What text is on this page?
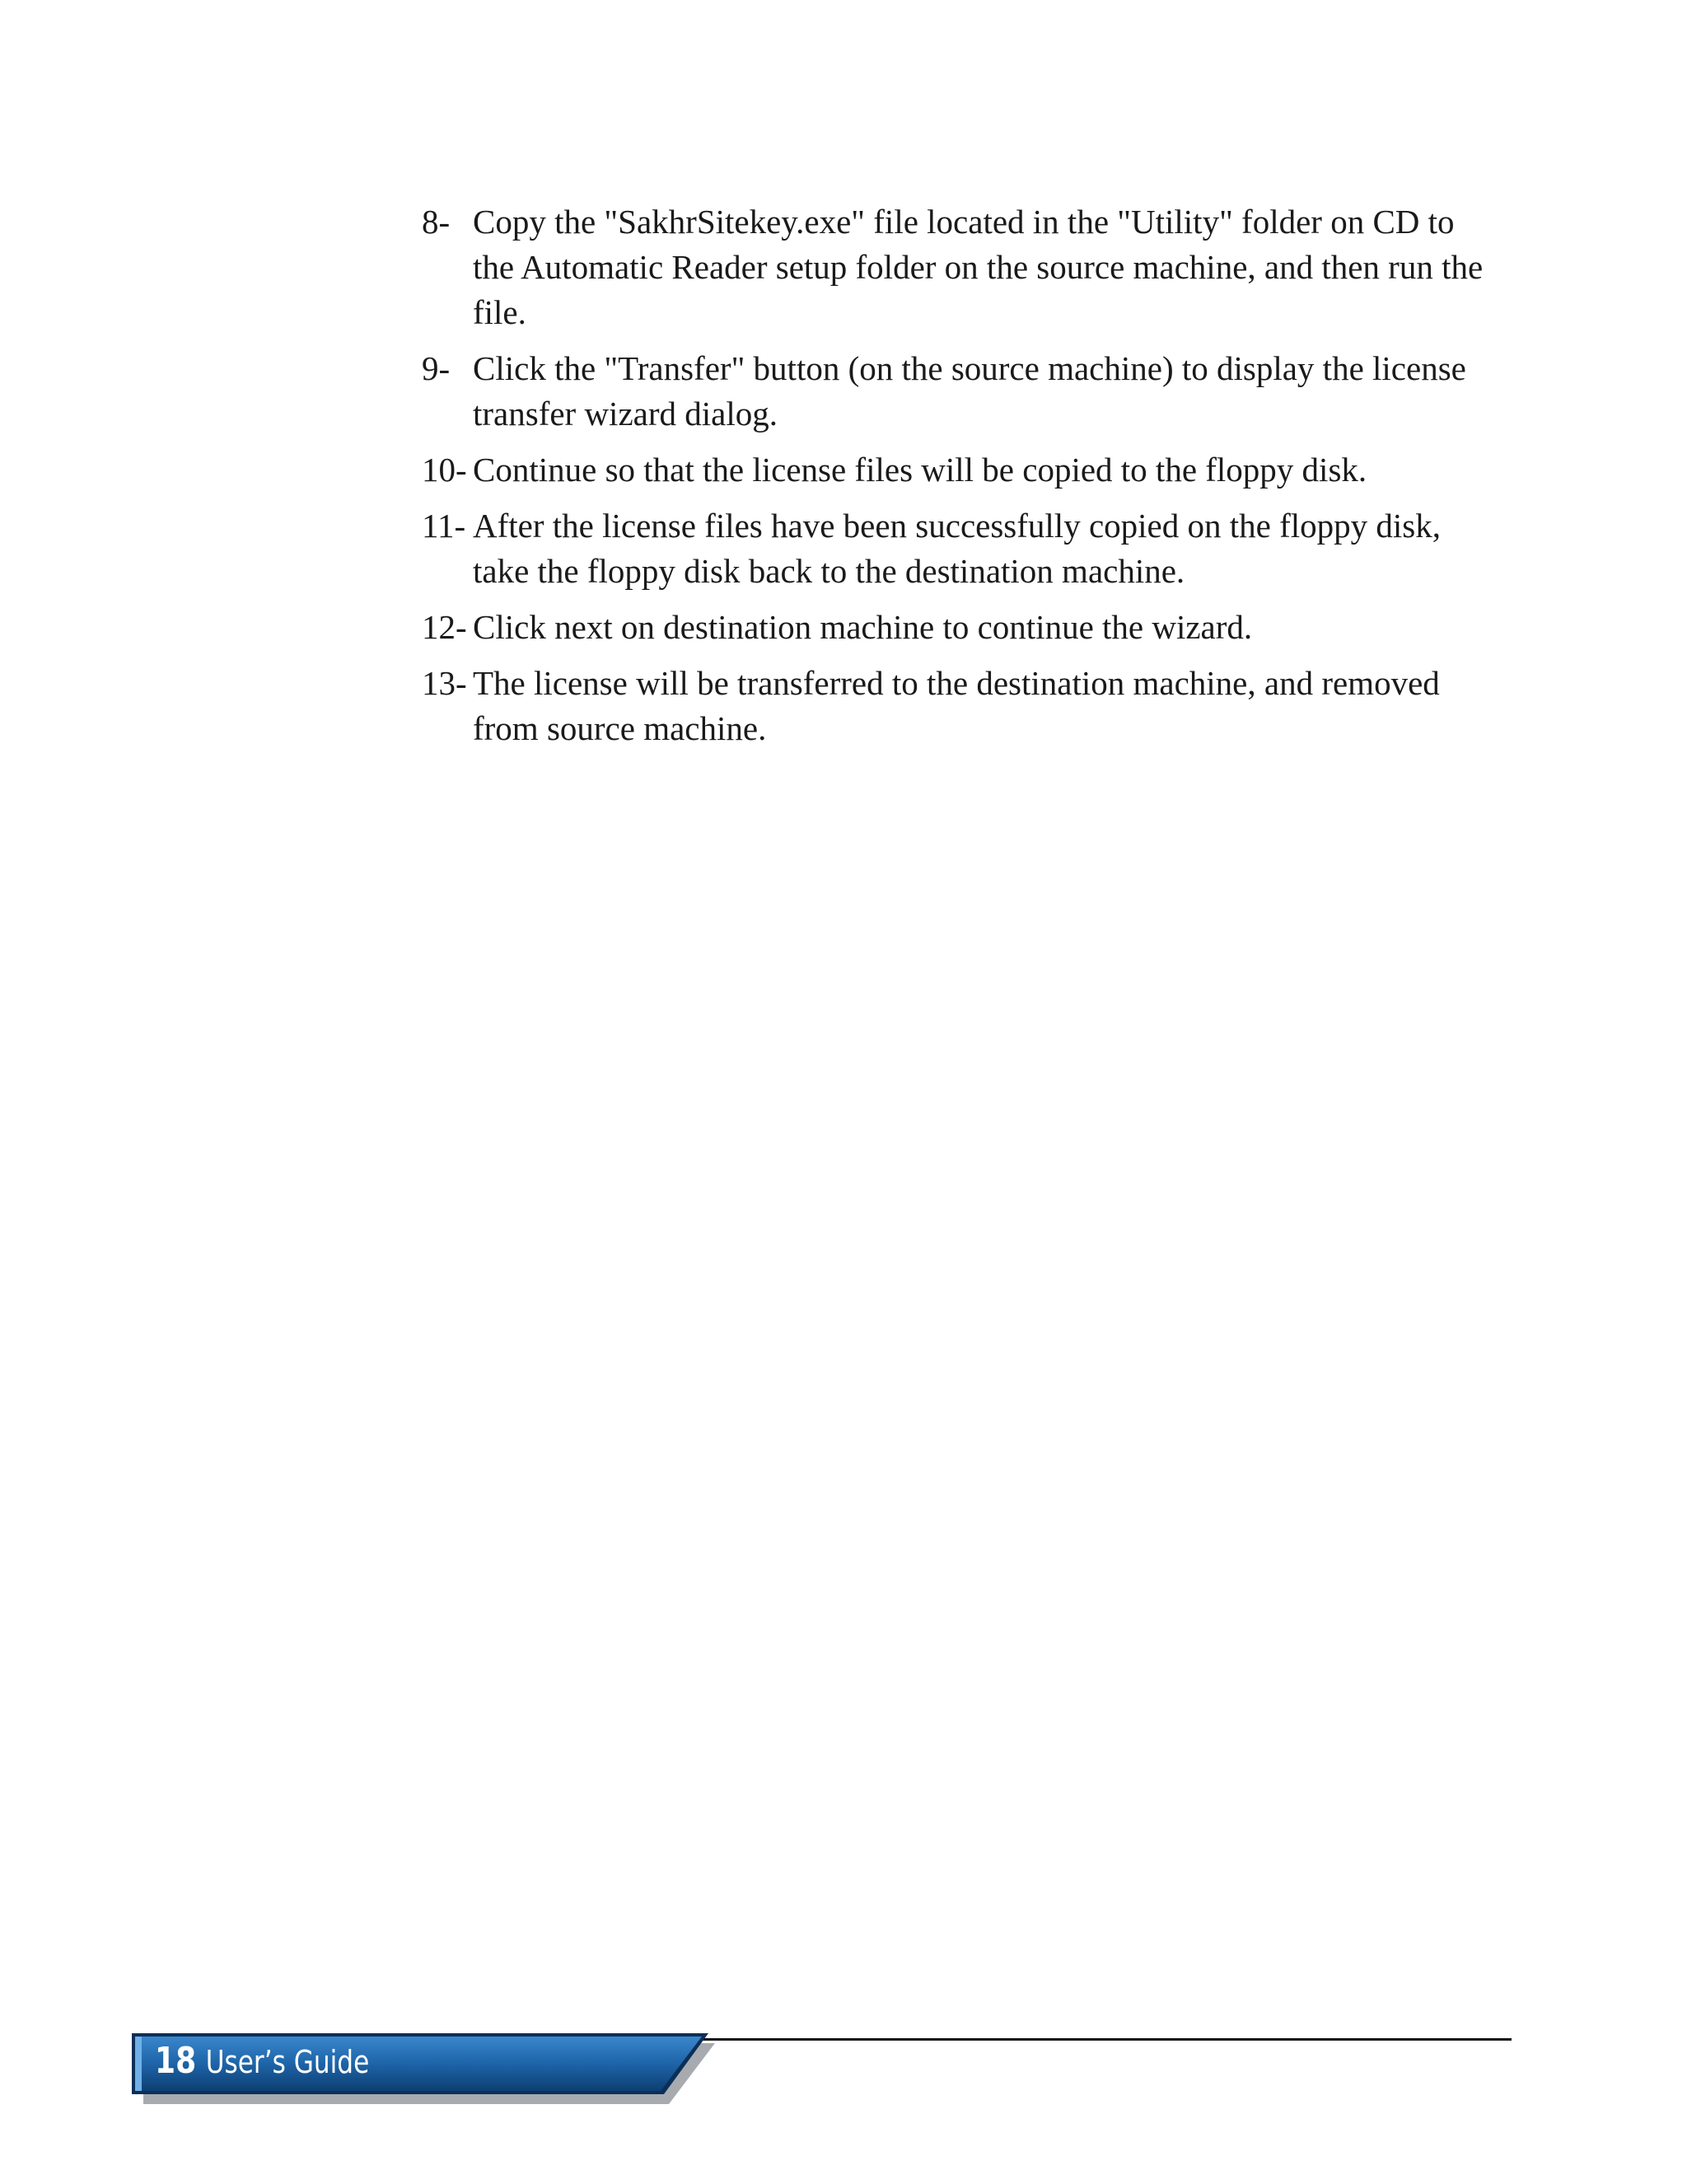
8- Copy the "SakhrSitekey.exe" file located in the "Utility" folder on CD to the Automatic Reader setup folder on the source machine, and then run the file.
9- Click the "Transfer" button (on the source machine) to display the license transfer wizard dialog.
10- Continue so that the license files will be copied to the floppy disk.
11- After the license files have been successfully copied on the floppy disk, take the floppy disk back to the destination machine.
12- Click next on destination machine to continue the wizard.
13- The license will be transferred to the destination machine, and removed from source machine.
18 User’s Guide
